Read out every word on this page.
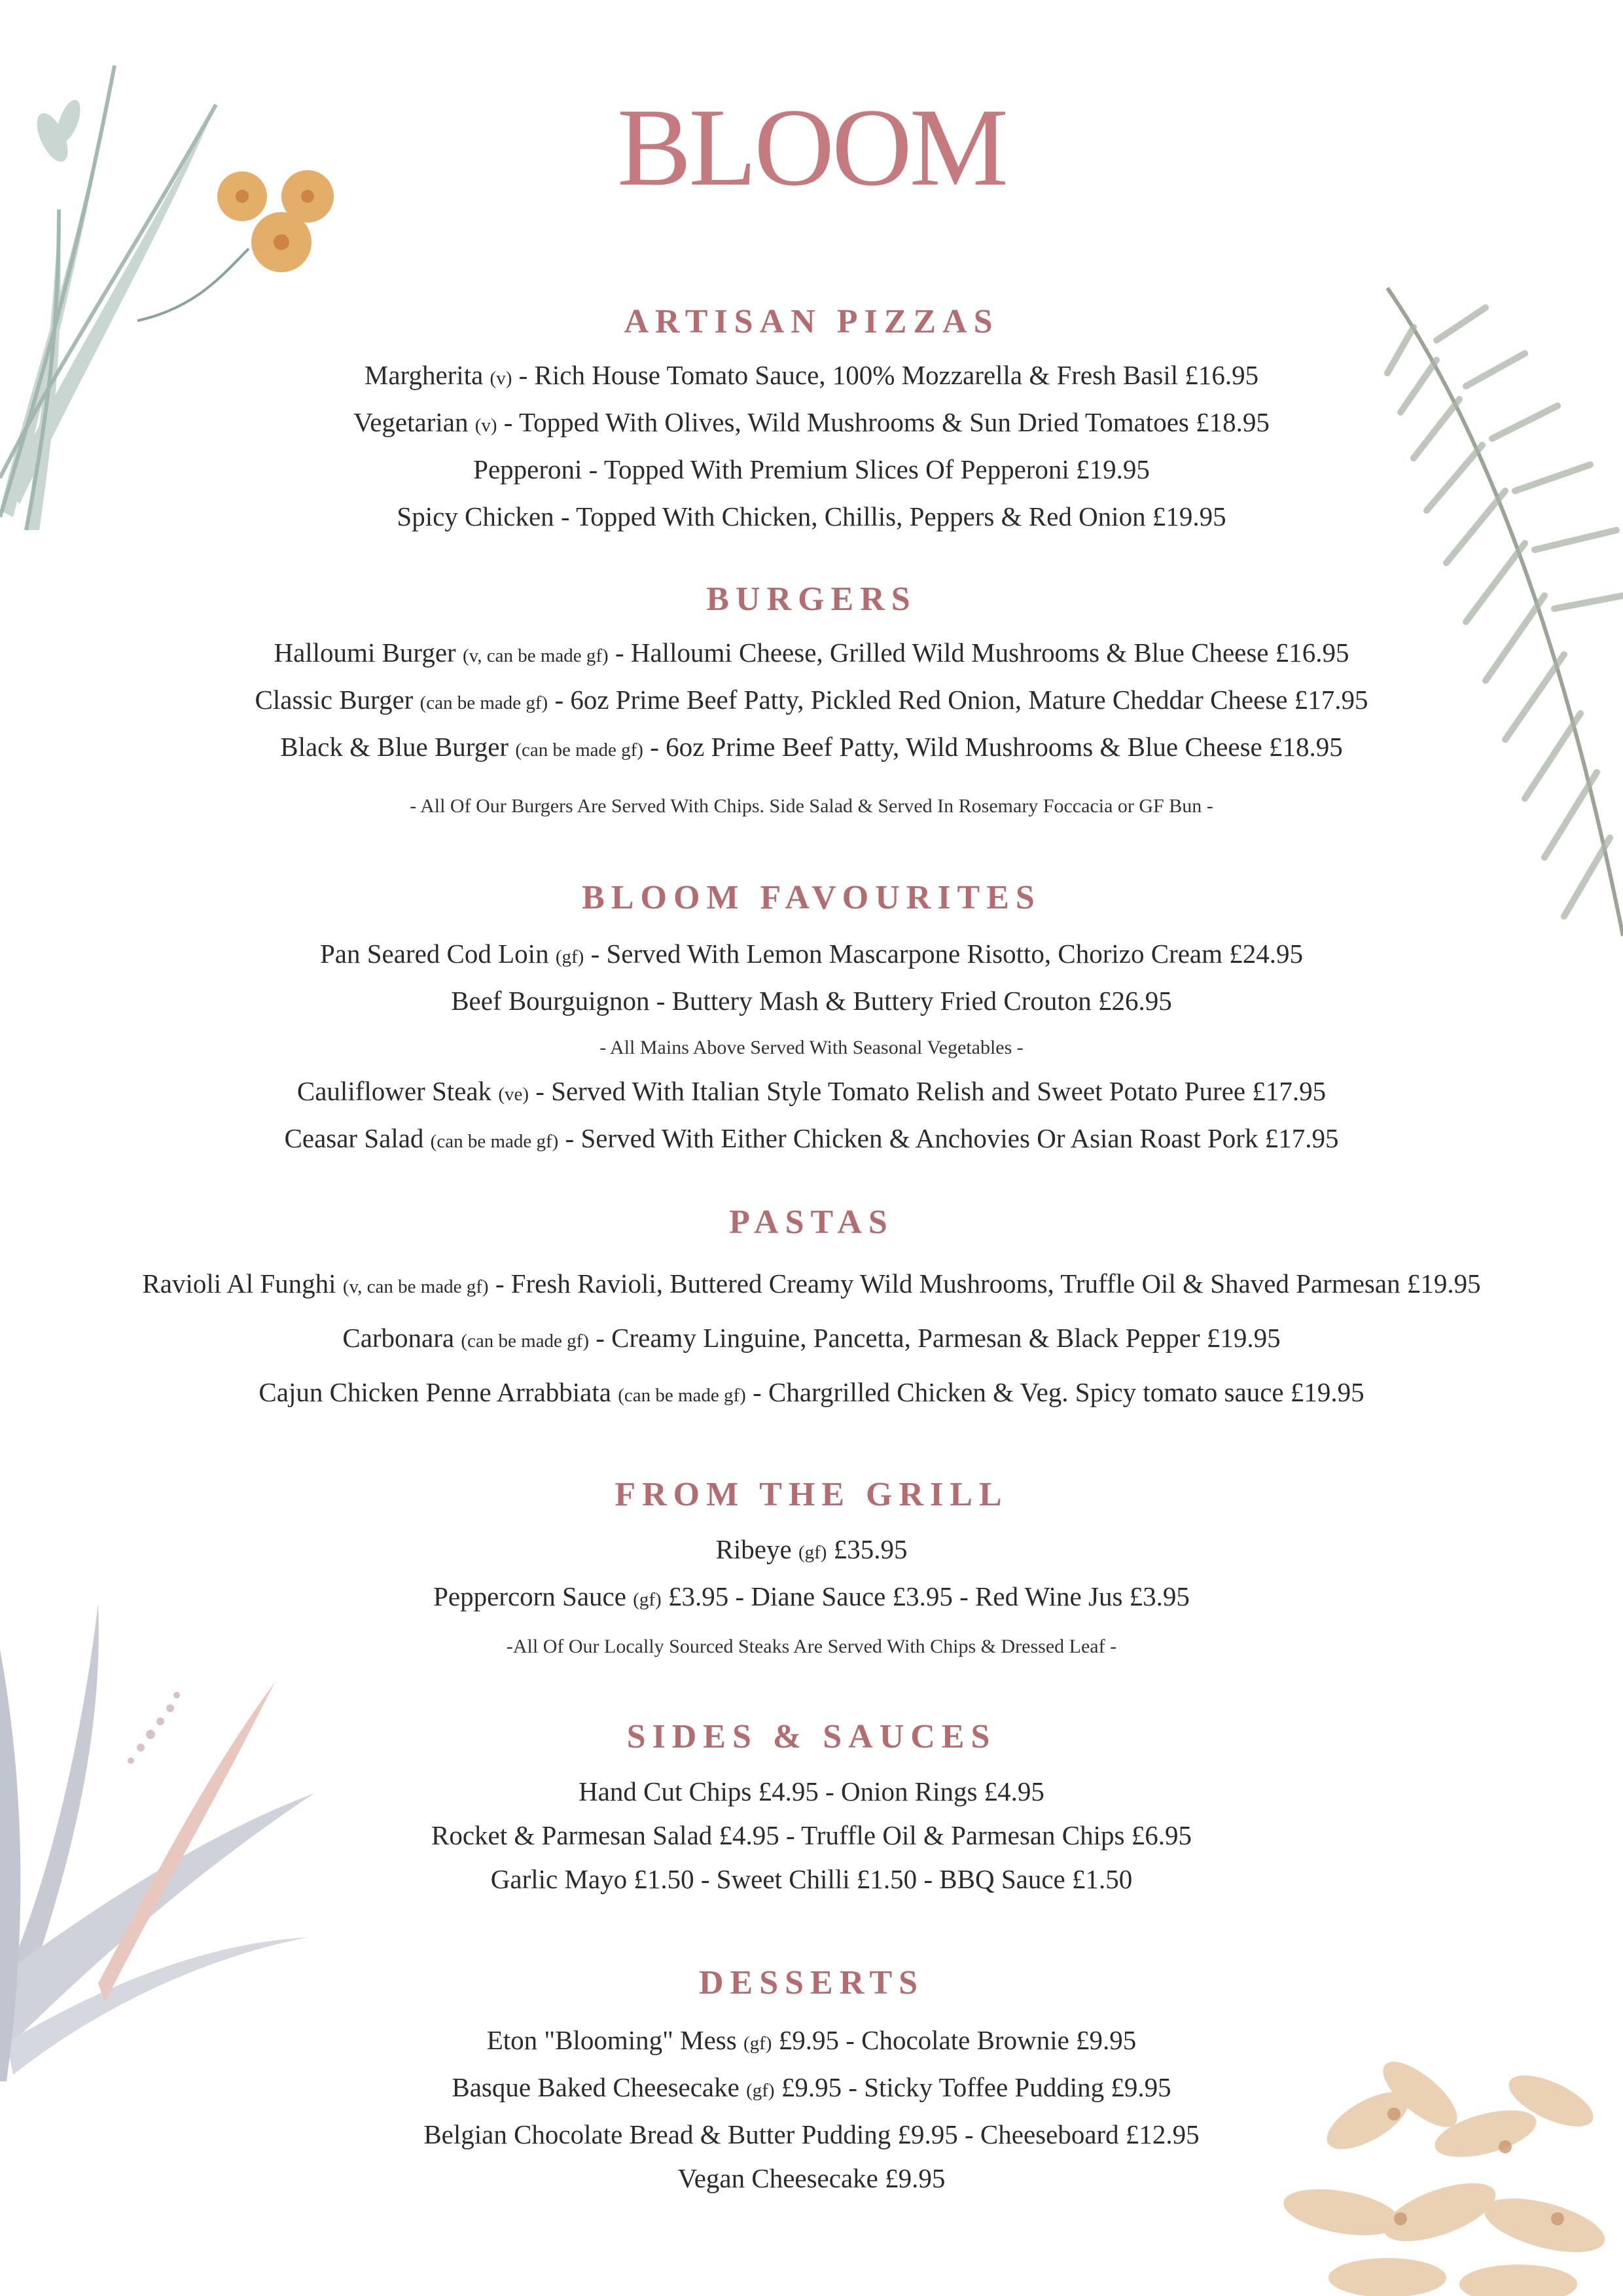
BLOOM
ARTISAN PIZZAS
Margherita (v) - Rich House Tomato Sauce, 100% Mozzarella & Fresh Basil £16.95
Vegetarian (v) - Topped With Olives, Wild Mushrooms & Sun Dried Tomatoes £18.95
Pepperoni - Topped With Premium Slices Of Pepperoni £19.95
Spicy Chicken - Topped With Chicken, Chillis, Peppers & Red Onion £19.95
BURGERS
Halloumi Burger (v, can be made gf) - Halloumi Cheese, Grilled Wild Mushrooms & Blue Cheese £16.95
Classic Burger (can be made gf) - 6oz Prime Beef Patty, Pickled Red Onion, Mature Cheddar Cheese £17.95
Black & Blue Burger (can be made gf) - 6oz Prime Beef Patty, Wild Mushrooms & Blue Cheese £18.95
- All Of Our Burgers Are Served With Chips. Side Salad & Served In Rosemary Foccacia or GF Bun -
BLOOM FAVOURITES
Pan Seared Cod Loin (gf) - Served With Lemon Mascarpone Risotto, Chorizo Cream £24.95
Beef Bourguignon - Buttery Mash & Buttery Fried Crouton £26.95
- All Mains Above Served With Seasonal Vegetables -
Cauliflower Steak (ve) - Served With Italian Style Tomato Relish and Sweet Potato Puree £17.95
Ceasar Salad (can be made gf) - Served With Either Chicken & Anchovies Or Asian Roast Pork £17.95
PASTAS
Ravioli Al Funghi (v, can be made gf) - Fresh Ravioli, Buttered Creamy Wild Mushrooms, Truffle Oil & Shaved Parmesan £19.95
Carbonara (can be made gf) - Creamy Linguine, Pancetta, Parmesan & Black Pepper £19.95
Cajun Chicken Penne Arrabbiata (can be made gf) - Chargrilled Chicken & Veg. Spicy tomato sauce £19.95
FROM THE GRILL
Ribeye (gf) £35.95
Peppercorn Sauce (gf) £3.95 - Diane Sauce £3.95 - Red Wine Jus £3.95
-All Of Our Locally Sourced Steaks Are Served With Chips & Dressed Leaf -
SIDES & SAUCES
Hand Cut Chips £4.95 - Onion Rings £4.95
Rocket & Parmesan Salad £4.95 - Truffle Oil & Parmesan Chips £6.95
Garlic Mayo £1.50 - Sweet Chilli £1.50 - BBQ Sauce £1.50
DESSERTS
Eton "Blooming" Mess (gf) £9.95 - Chocolate Brownie £9.95
Basque Baked Cheesecake (gf) £9.95 - Sticky Toffee Pudding £9.95
Belgian Chocolate Bread & Butter Pudding £9.95 - Cheeseboard £12.95
Vegan Cheesecake £9.95
